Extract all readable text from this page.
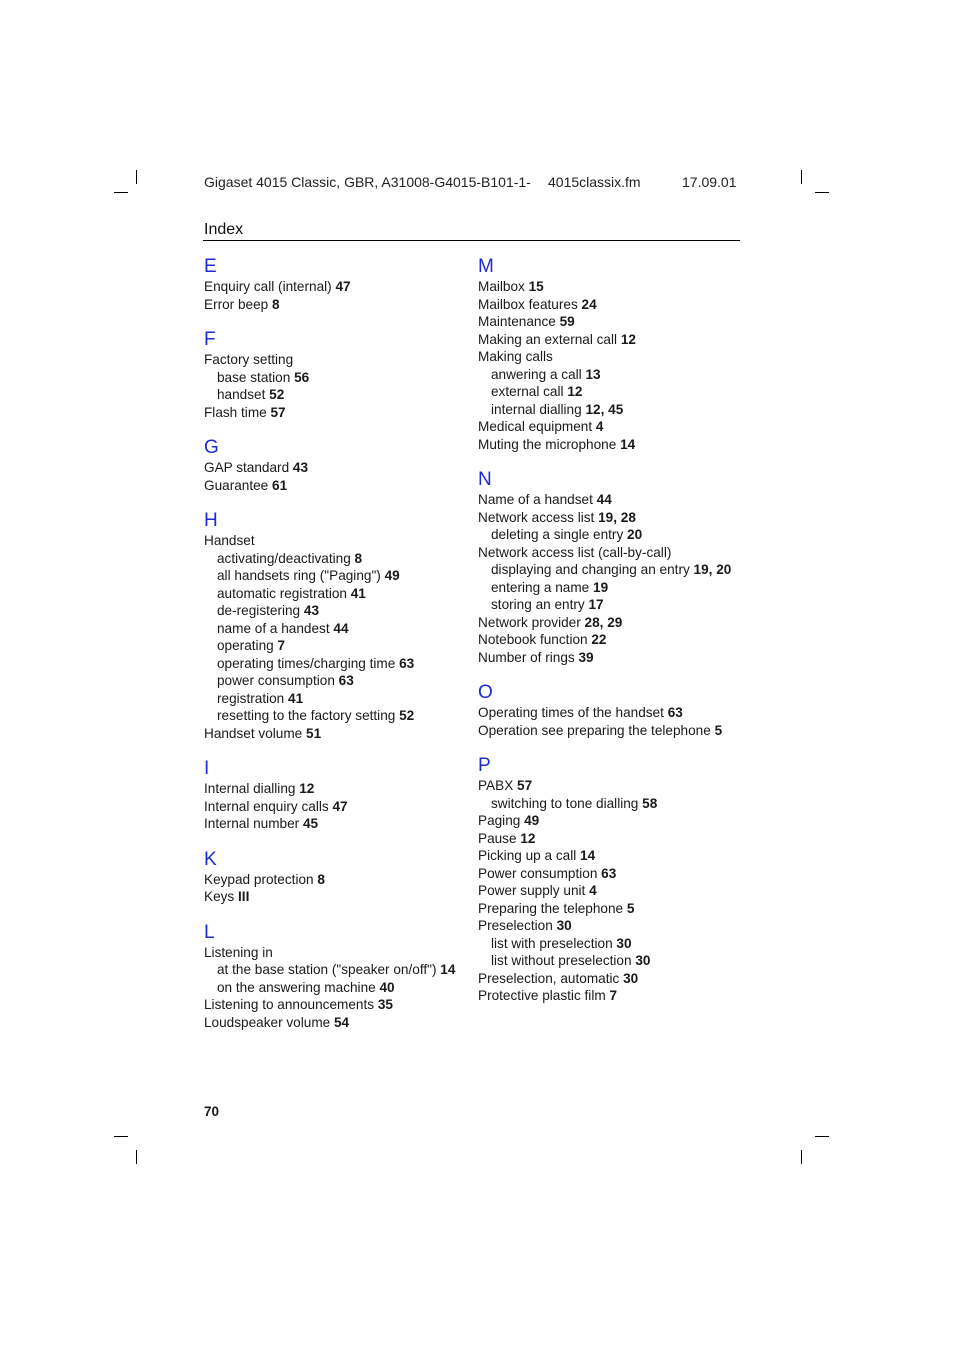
Gigaset 4015 Classic, GBR, A31008-G4015-B101-1- 4015classix.fm	17.09.01
Index
E
Enquiry call (internal) 47
Error beep 8
F
Factory setting
base station 56
handset 52
Flash time 57
G
GAP standard 43
Guarantee 61
H
Handset
activating/deactivating 8
all handsets ring ("Paging") 49
automatic registration 41
de-registering 43
name of a handest 44
operating 7
operating times/charging time 63
power consumption 63
registration 41
resetting to the factory setting 52
Handset volume 51
I
Internal dialling 12
Internal enquiry calls 47
Internal number 45
K
Keypad protection 8
Keys III
L
Listening in
at the base station ("speaker on/off") 14
on the answering machine 40
Listening to announcements 35
Loudspeaker volume 54
M
Mailbox 15
Mailbox features 24
Maintenance 59
Making an external call 12
Making calls
anwering a call 13
external call 12
internal dialling 12, 45
Medical equipment 4
Muting the microphone 14
N
Name of a handset 44
Network access list 19, 28
deleting a single entry 20
Network access list (call-by-call)
displaying and changing an entry 19, 20
entering a name 19
storing an entry 17
Network provider 28, 29
Notebook function 22
Number of rings 39
O
Operating times of the handset 63
Operation see preparing the telephone 5
P
PABX 57
switching to tone dialling 58
Paging 49
Pause 12
Picking up a call 14
Power consumption 63
Power supply unit 4
Preparing the telephone 5
Preselection 30
list with preselection 30
list without preselection 30
Preselection, automatic 30
Protective plastic film 7
70
